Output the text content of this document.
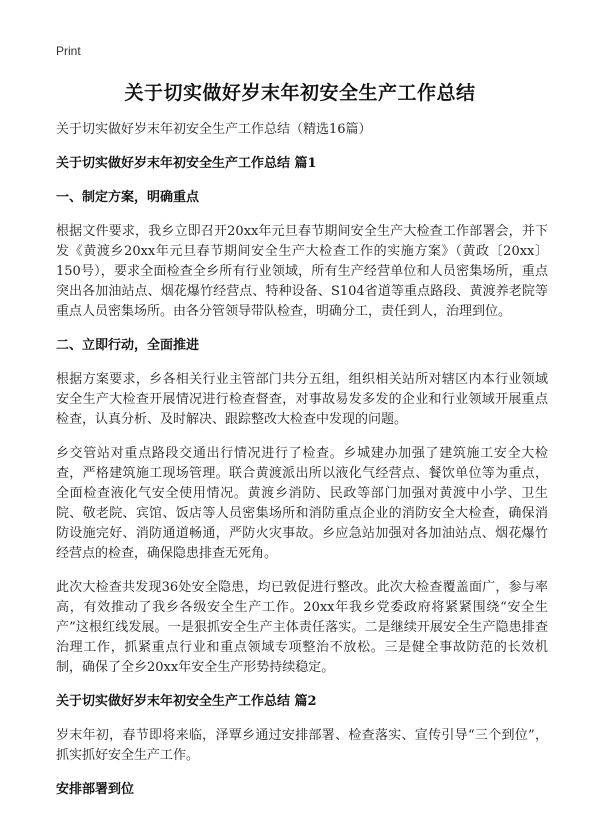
Print
关于切实做好岁末年初安全生产工作总结

关于切实做好岁末年初安全生产工作总结（精选16篇）

关于切实做好岁末年初安全生产工作总结 篇1

一、制定方案，明确重点

根据文件要求，我乡立即召开20xx年元旦春节期间安全生产大检查工作部署会，并下发《黄渡乡20xx年元旦春节期间安全生产大检查工作的实施方案》（黄政〔20xx〕150号），要求全面检查全乡所有行业领域，所有生产经营单位和人员密集场所，重点突出各加油站点、烟花爆竹经营点、特种设备、S104省道等重点路段、黄渡养老院等重点人员密集场所。由各分管领导带队检查，明确分工，责任到人，治理到位。

二、立即行动，全面推进

根据方案要求，乡各相关行业主管部门共分五组，组织相关站所对辖区内本行业领域安全生产大检查开展情况进行检查督查，对事故易发多发的企业和行业领域开展重点检查，认真分析、及时解决、跟踪整改大检查中发现的问题。

乡交管站对重点路段交通出行情况进行了检查。乡城建办加强了建筑施工安全大检查，严格建筑施工现场管理。联合黄渡派出所以液化气经营点、餐饮单位等为重点，全面检查液化气安全使用情况。黄渡乡消防、民政等部门加强对黄渡中小学、卫生院、敬老院、宾馆、饭店等人员密集场所和消防重点企业的消防安全大检查，确保消防设施完好、消防通道畅通，严防火灾事故。乡应急站加强对各加油站点、烟花爆竹经营点的检查，确保隐患排查无死角。

此次大检查共发现36处安全隐患，均已敦促进行整改。此次大检查覆盖面广，参与率高，有效推动了我乡各级安全生产工作。20xx年我乡党委政府将紧紧围绕“安全生产”这根红线发展。一是狠抓安全生产主体责任落实。二是继续开展安全生产隐患排查治理工作，抓紧重点行业和重点领域专项整治不放松。三是健全事故防范的长效机制，确保了全乡20xx年安全生产形势持续稳定。

关于切实做好岁末年初安全生产工作总结 篇2

岁末年初，春节即将来临，泽覃乡通过安排部署、检查落实、宣传引导“三个到位”，抓实抓好安全生产工作。

安排部署到位
